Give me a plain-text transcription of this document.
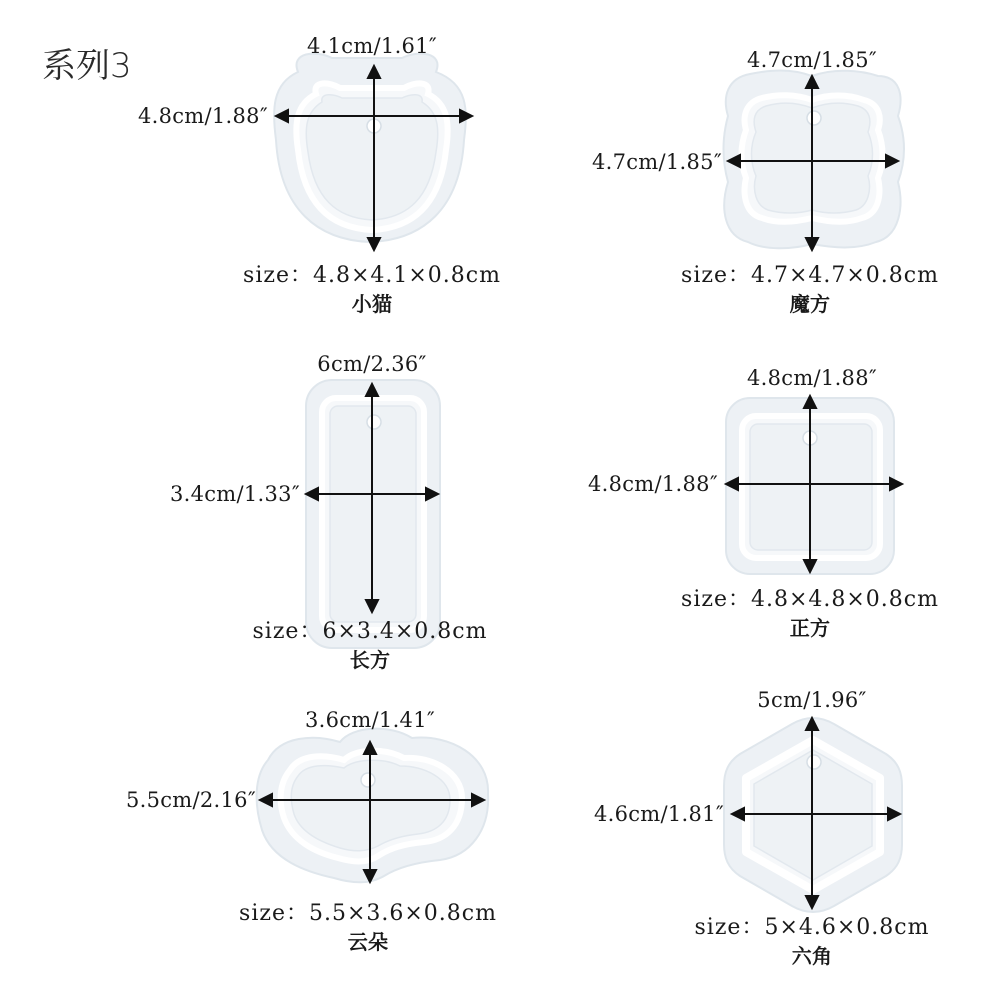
系列3	4.1cm/1.61″
4.8cm/1.88″
size：4.8×4.1×0.8cm
小猫
4.7cm/1.85″
4.7cm/1.85″
size：4.7×4.7×0.8cm
魔方
6cm/2.36″
3.4cm/1.33″
size：6×3.4×0.8cm
长方
4.8cm/1.88″
4.8cm/1.88″
size：4.8×4.8×0.8cm
正方
3.6cm/1.41″
5.5cm/2.16″
size：5.5×3.6×0.8cm
云朵
5cm/1.96″
4.6cm/1.81″
size：5×4.6×0.8cm
六角
